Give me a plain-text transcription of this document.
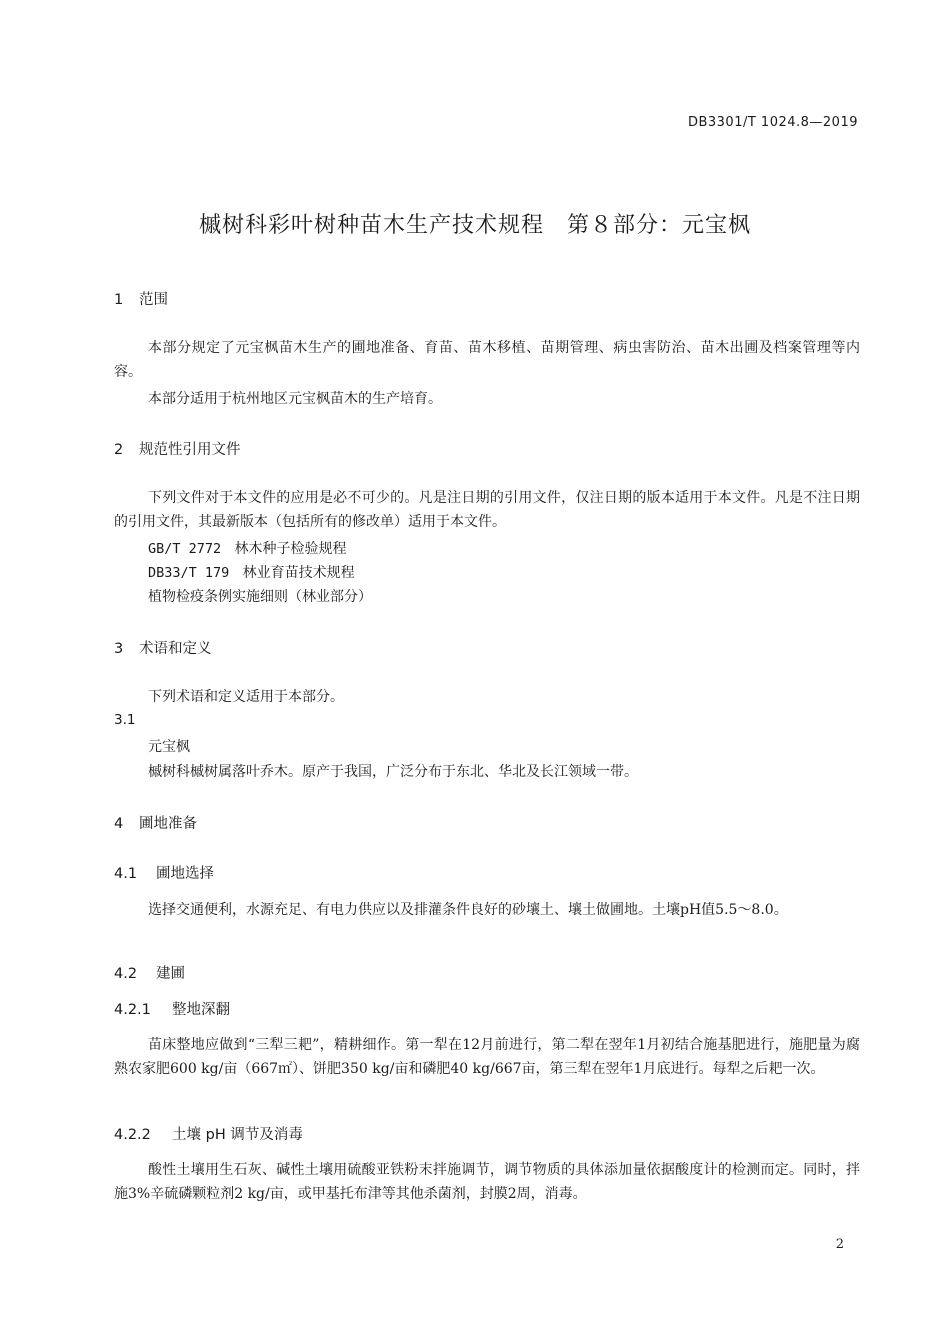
DB3301/T 1024.8—2019
槭树科彩叶树种苗木生产技术规程　第８部分：元宝枫
1 范围
本部分规定了元宝枫苗木生产的圃地准备、育苗、苗木移植、苗期管理、病虫害防治、苗木出圃及档案管理等内容。
本部分适用于杭州地区元宝枫苗木的生产培育。
2 规范性引用文件
下列文件对于本文件的应用是必不可少的。凡是注日期的引用文件，仅注日期的版本适用于本文件。凡是不注日期的引用文件，其最新版本（包括所有的修改单）适用于本文件。
GB/T 2772 林木种子检验规程
DB33/T 179 林业育苗技术规程
植物检疫条例实施细则（林业部分）
3 术语和定义
下列术语和定义适用于本部分。
3.1
元宝枫
槭树科槭树属落叶乔木。原产于我国，广泛分布于东北、华北及长江领域一带。
4 圃地准备
4.1 圃地选择
选择交通便利，水源充足、有电力供应以及排灌条件良好的砂壤土、壤土做圃地。土壤pH值5.5～8.0。
4.2 建圃
4.2.1 整地深翻
苗床整地应做到“三犁三耙”，精耕细作。第一犁在12月前进行，第二犁在翌年1月初结合施基肥进行，施肥量为腐熟农家肥600 kg/亩（667㎡）、饼肥350 kg/亩和磷肥40 kg/667亩，第三犁在翌年1月底进行。每犁之后耙一次。
4.2.2 土壤 pH 调节及消毒
酸性土壤用生石灰、碱性土壤用硫酸亚铁粉末拌施调节，调节物质的具体添加量依据酸度计的检测而定。同时，拌施3%辛硫磷颗粒剂2 kg/亩，或甲基托布津等其他杀菌剂，封膜2周，消毒。
2
